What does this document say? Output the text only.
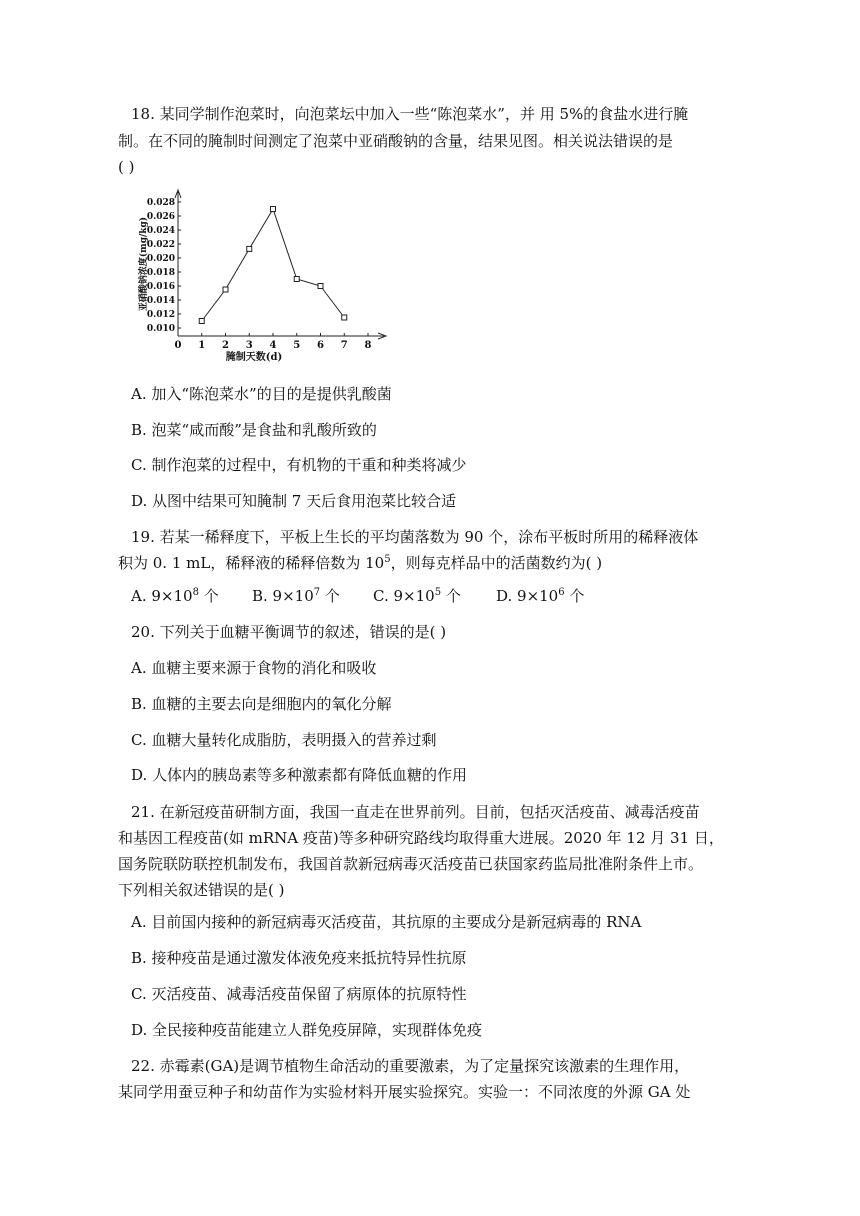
18. 某同学制作泡菜时，向泡菜坛中加入一些“陈泡菜水”，并 用 5%的食盐水进行腌
制。在不同的腌制时间测定了泡菜中亚硝酸钠的含量，结果见图。相关说法错误的是
( )
0.010
0.012
0.014
0.016
0.018
0.020
0.022
0.024
0.026
0.028
0 1 2 3 4 5 6 7 8
亚硝酸钠浓度(mg/kg)
腌制天数(d)
A. 加入“陈泡菜水”的目的是提供乳酸菌
B. 泡菜“咸而酸”是食盐和乳酸所致的
C. 制作泡菜的过程中，有机物的干重和种类将减少
D. 从图中结果可知腌制 7 天后食用泡菜比较合适
19. 若某一稀释度下，平板上生长的平均菌落数为 90 个，涂布平板时所用的稀释液体
积为 0. 1 mL，稀释液的稀释倍数为 $10^5$，则每克样品中的活菌数约为( )
A. $9\times 10^8$ 个 B. $9\times 10^7$ 个 C. $9\times 10^5$ 个 D. $9\times 10^6$ 个
20. 下列关于血糖平衡调节的叙述，错误的是( )
A. 血糖主要来源于食物的消化和吸收
B. 血糖的主要去向是细胞内的氧化分解
C. 血糖大量转化成脂肪，表明摄入的营养过剩
D. 人体内的胰岛素等多种激素都有降低血糖的作用
21. 在新冠疫苗研制方面，我国一直走在世界前列。目前，包括灭活疫苗、减毒活疫苗
和基因工程疫苗(如 mRNA 疫苗)等多种研究路线均取得重大进展。2020 年 12 月 31 日，
国务院联防联控机制发布，我国首款新冠病毒灭活疫苗已获国家药监局批准附条件上市。
下列相关叙述错误的是( )
A. 目前国内接种的新冠病毒灭活疫苗，其抗原的主要成分是新冠病毒的 RNA
B. 接种疫苗是通过激发体液免疫来抵抗特异性抗原
C. 灭活疫苗、减毒活疫苗保留了病原体的抗原特性
D. 全民接种疫苗能建立人群免疫屏障，实现群体免疫
22. 赤霉素(GA)是调节植物生命活动的重要激素，为了定量探究该激素的生理作用，
某同学用蚕豆种子和幼苗作为实验材料开展实验探究。实验一：不同浓度的外源 GA 处
